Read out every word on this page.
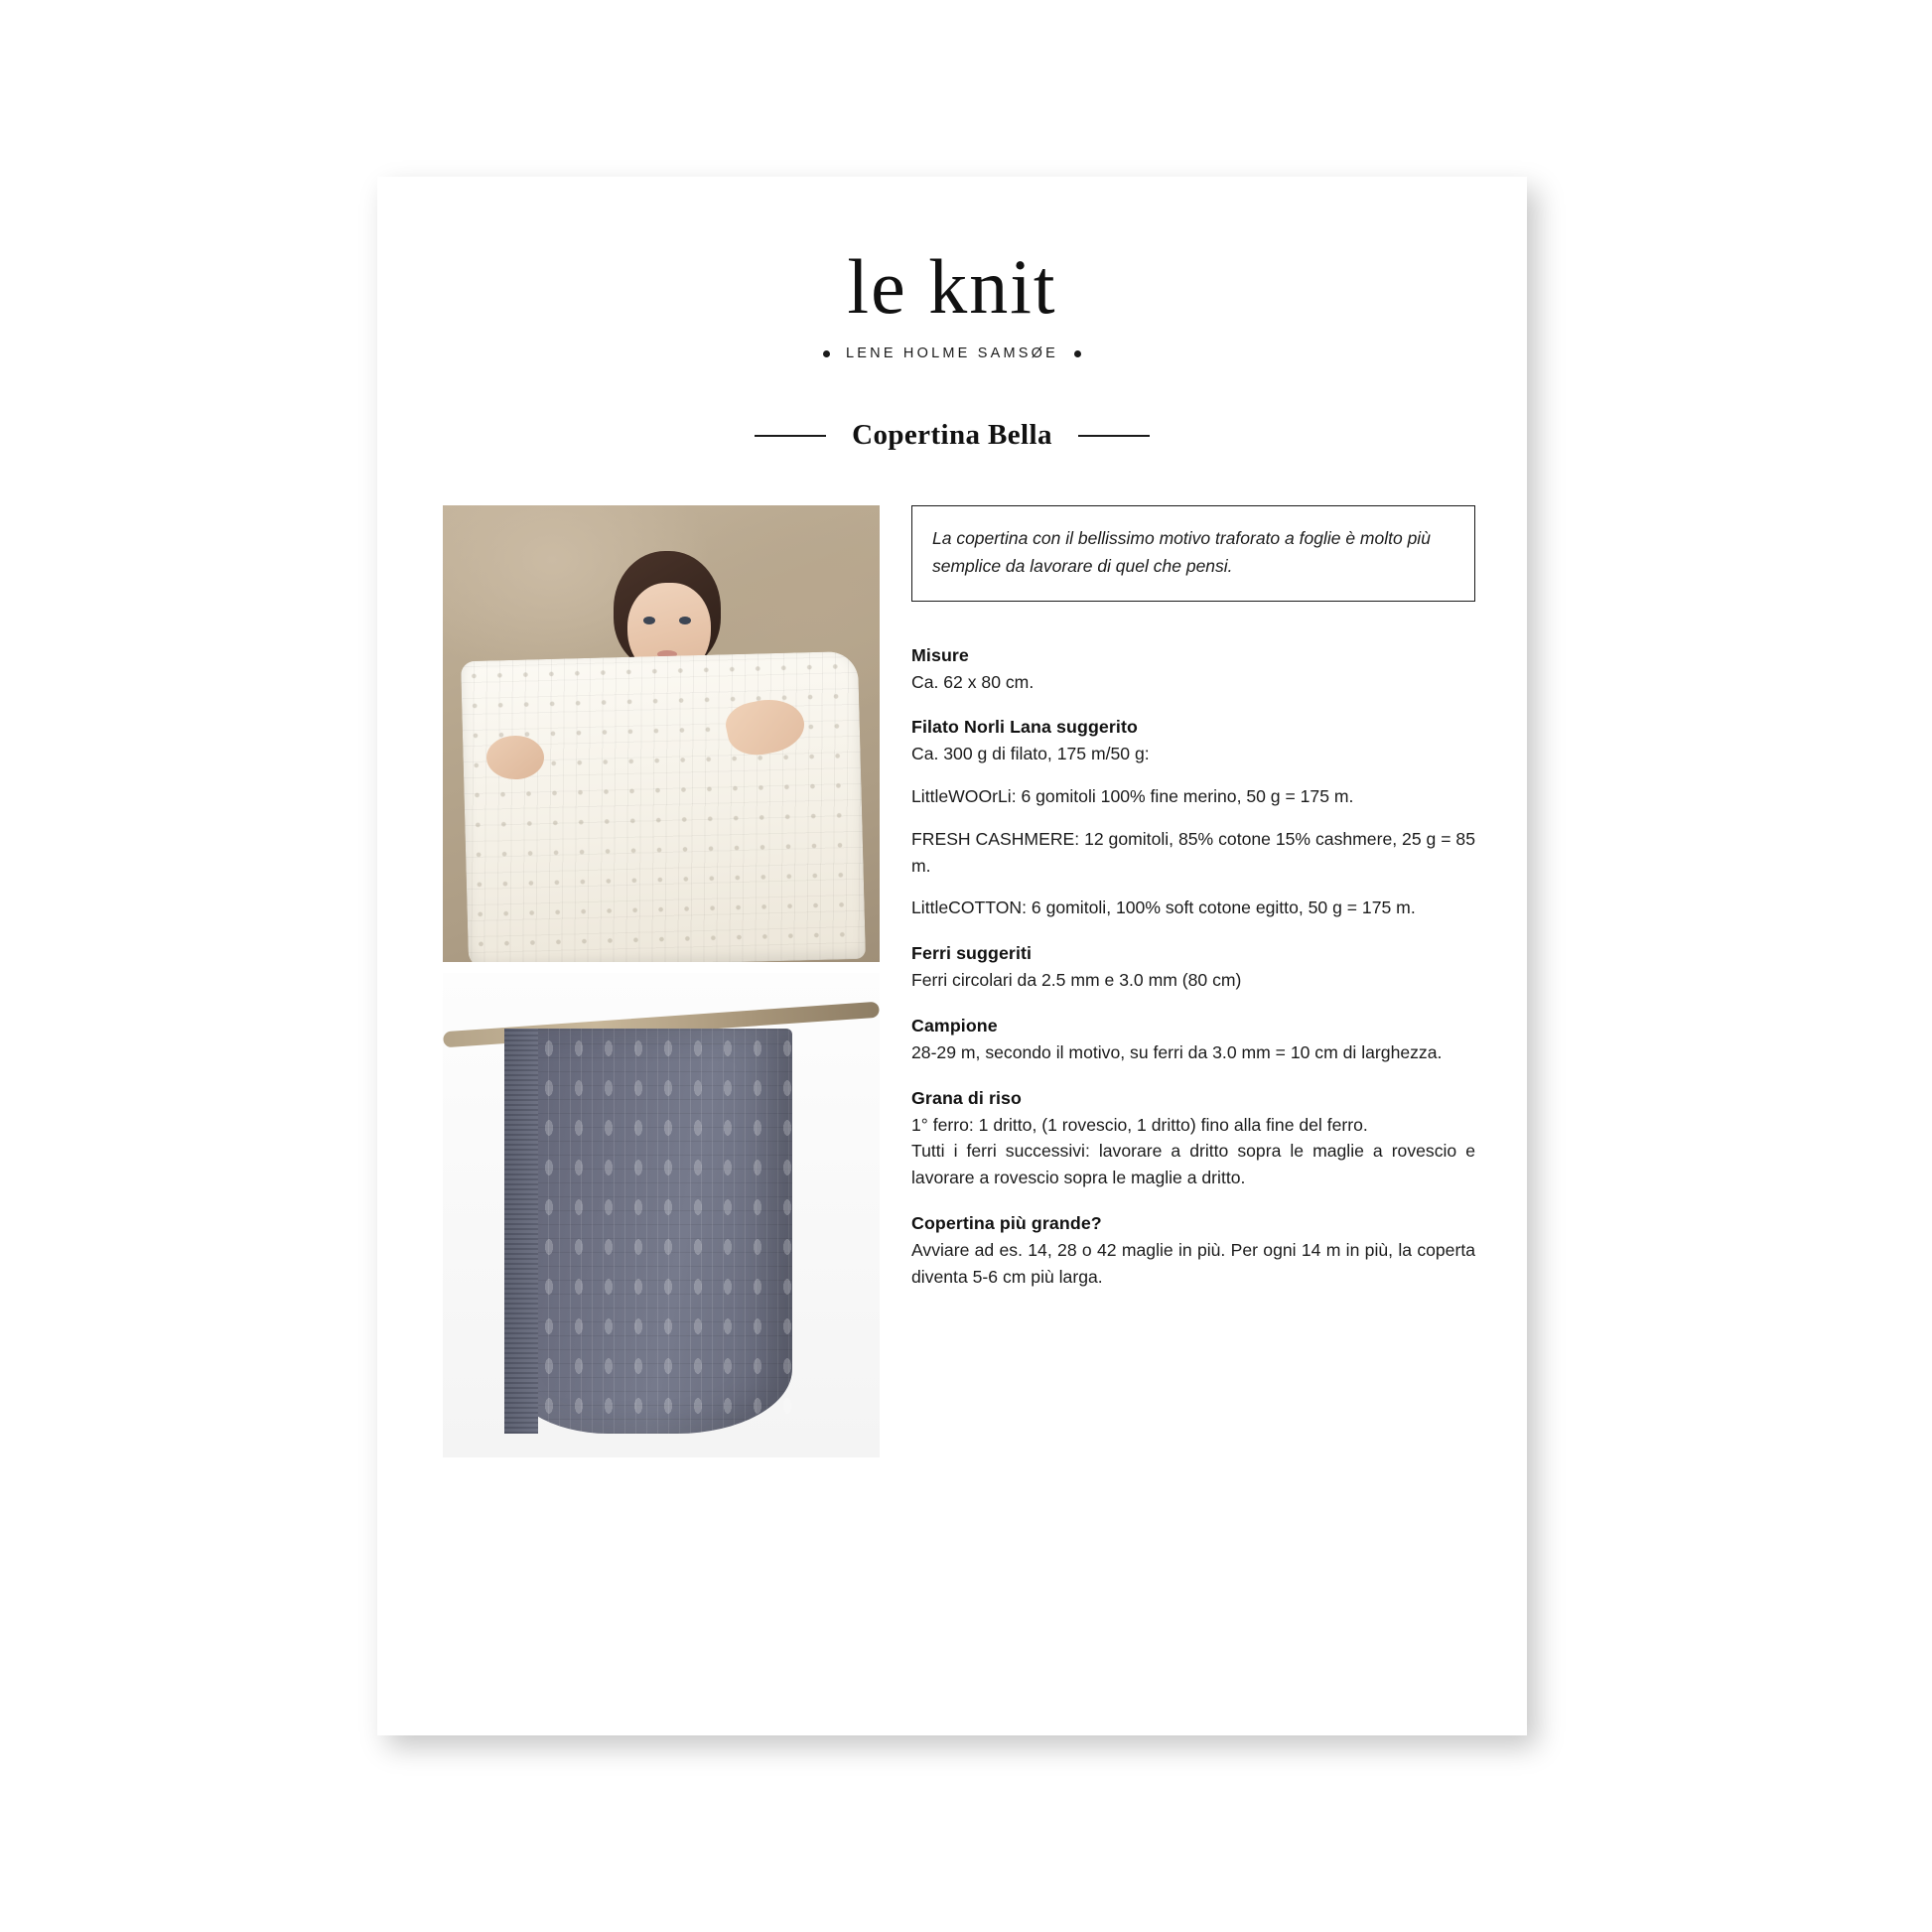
le knit
LENE HOLME SAMSØE
Copertina Bella
La copertina con il bellissimo motivo traforato a foglie è molto più semplice da lavorare di quel che pensi.
Misure

Ca. 62 x 80 cm.

Filato Norli Lana suggerito

Ca. 300 g di filato, 175 m/50 g:

LittleWOOrLi: 6 gomitoli 100% fine merino, 50 g = 175 m.

FRESH CASHMERE: 12 gomitoli, 85% cotone 15% cashmere, 25 g = 85 m.

LittleCOTTON: 6 gomitoli, 100% soft cotone egitto, 50 g = 175 m.

Ferri suggeriti

Ferri circolari da 2.5 mm e 3.0 mm (80 cm)

Campione

28-29 m, secondo il motivo, su ferri da 3.0 mm = 10 cm di larghezza.

Grana di riso

1° ferro: 1 dritto, (1 rovescio, 1 dritto) fino alla fine del ferro.

Tutti i ferri successivi: lavorare a dritto sopra le maglie a rovescio e lavorare a rovescio sopra le maglie a dritto.

Copertina più grande?

Avviare ad es. 14, 28 o 42 maglie in più. Per ogni 14 m in più, la coperta diventa 5-6 cm più larga.
